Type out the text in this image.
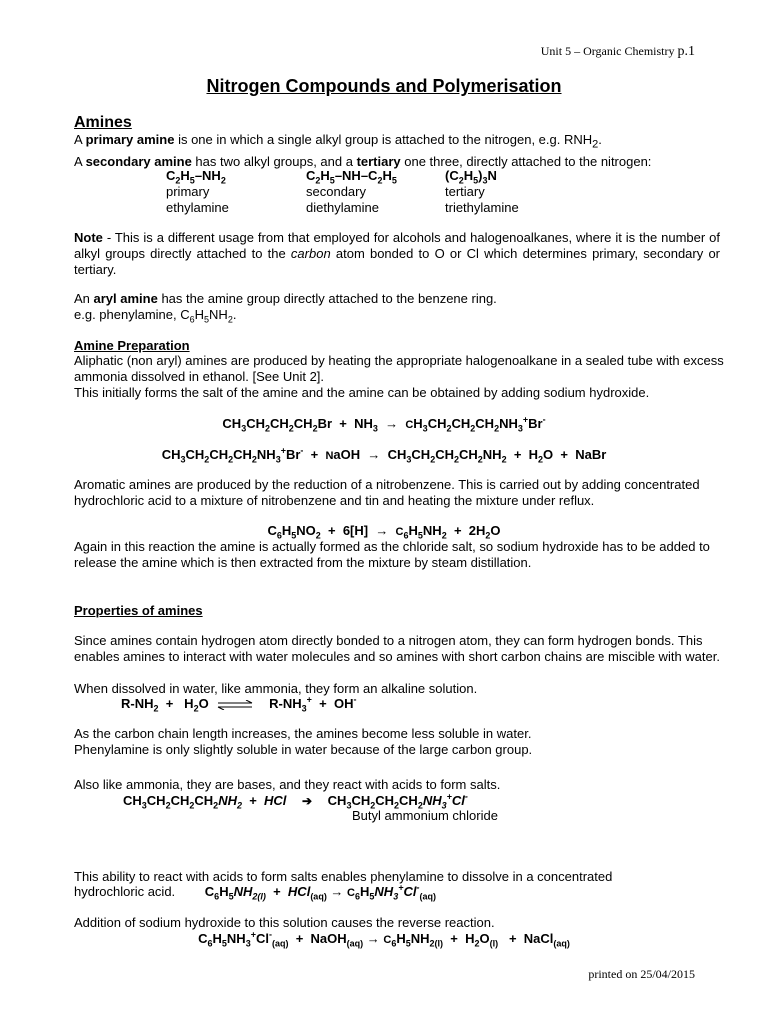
Unit 5 – Organic Chemistry p.1
Nitrogen Compounds and Polymerisation
Amines
A primary amine is one in which a single alkyl group is attached to the nitrogen, e.g. $RNH_2$.
A secondary amine has two alkyl groups, and a tertiary one three, directly attached to the nitrogen:
$C_2H_5-NH_2$
primary
ethylamine
$C_2H_5-NH-C_2H_5$
secondary
diethylamine
$(C_2H_5)_3N$
tertiary
triethylamine
Note - This is a different usage from that employed for alcohols and halogenoalkanes, where it is the number of alkyl groups directly attached to the carbon atom bonded to O or Cl which determines primary, secondary or tertiary.
An aryl amine has the amine group directly attached to the benzene ring.
e.g. phenylamine, $C_6H_5NH_2$.
Amine Preparation
Aliphatic (non aryl) amines are produced by heating the appropriate halogenoalkane in a sealed tube with excess ammonia dissolved in ethanol. [See Unit 2].
This initially forms the salt of the amine and the amine can be obtained by adding sodium hydroxide.
$CH_3CH_2CH_2CH_2Br + NH_3 \to CH_3CH_2CH_2CH_2NH_3^+Br^-$
$CH_3CH_2CH_2CH_2NH_3^+Br^-$  +  NaOH  →  $CH_3CH_2CH_2CH_2NH_2 + H_2O$  +  NaBr
Aromatic amines are produced by the reduction of a nitrobenzene. This is carried out by adding concentrated hydrochloric acid to a mixture of nitrobenzene and tin and heating the mixture under reflux.
$C_6H_5NO_2 + 6[H] \to C_6H_5NH_2 + 2H_2O$
Again in this reaction the amine is actually formed as the chloride salt, so sodium hydroxide has to be added to release the amine which is then extracted from the mixture by steam distillation.
Properties of amines
Since amines contain hydrogen atom directly bonded to a nitrogen atom, they can form hydrogen bonds. This enables amines to interact with water molecules and so amines with short carbon chains are miscible with water.
When dissolved in water, like ammonia, they form an alkaline solution.
$R-NH_2 + H_2O$ ⇌ $R-NH_3^+ + OH^-$
As the carbon chain length increases, the amines become less soluble in water.
Phenylamine is only slightly soluble in water because of the large carbon group.
Also like ammonia, they are bases, and they react with acids to form salts.
$CH_3CH_2CH_2CH_2NH_2$  +  HCl ➔ $CH_3CH_2CH_2CH_2NH_3^+Cl^-$
Butyl ammonium chloride
This ability to react with acids to form salts enables phenylamine to dissolve in a concentrated
hydrochloric acid. $C_6H_5NH_{2(l)} + HCl_{(aq)} \to C_6H_5NH_3^+Cl^-_{(aq)}$
Addition of sodium hydroxide to this solution causes the reverse reaction.
$C_6H_5NH_3^+Cl^-_{(aq)}$  +  NaOH$_{(aq)}$ → $C_6H_5NH_{2(l)} + H_2O_{(l)}$   +  NaCl$_{(aq)}$
printed on 25/04/2015
